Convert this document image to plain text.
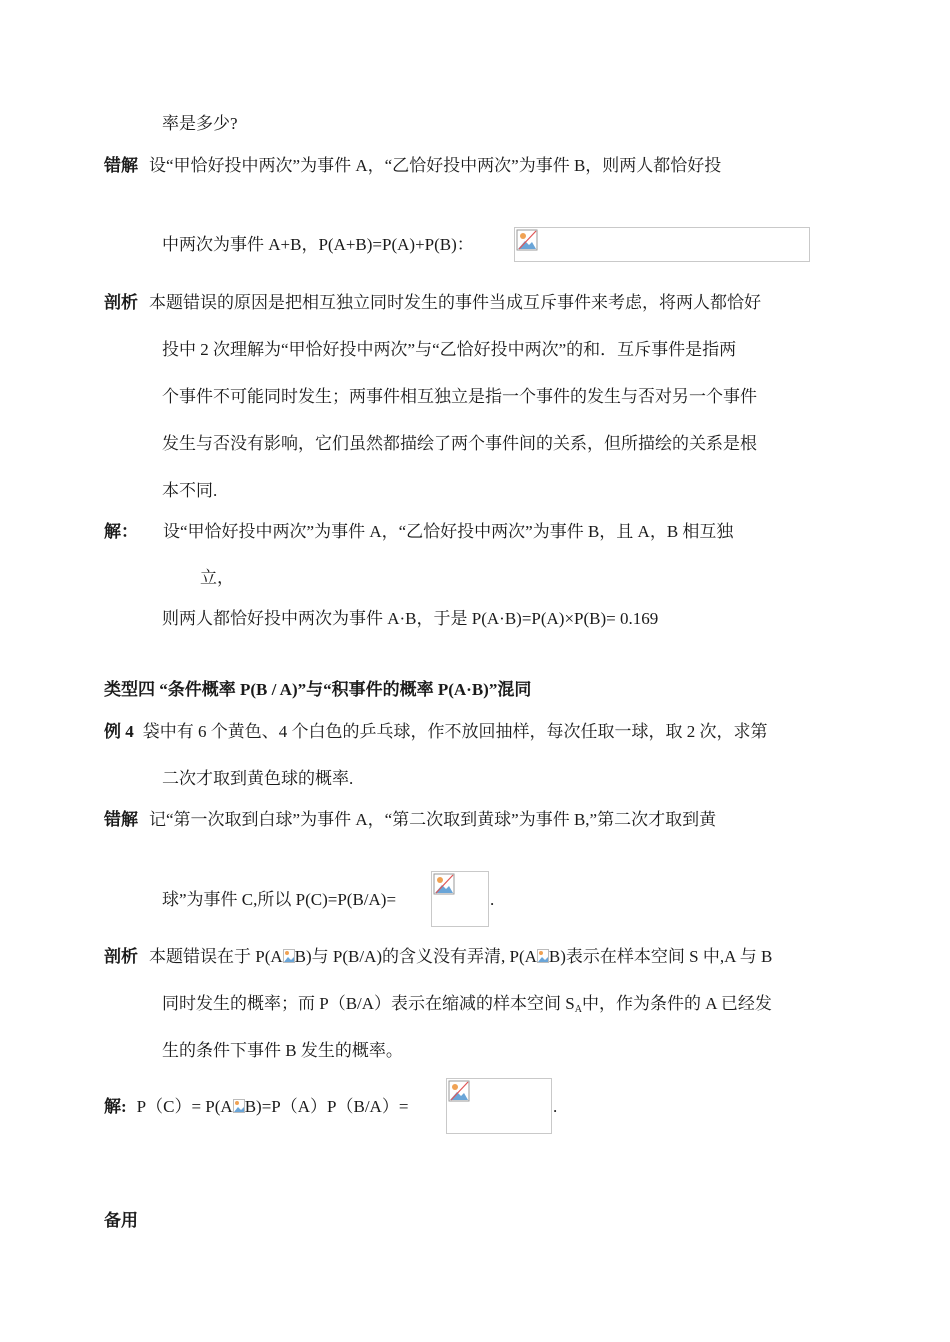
率是多少?
错解 设“甲恰好投中两次”为事件 A，“乙恰好投中两次”为事件 B，则两人都恰好投
中两次为事件 A+B，P(A+B)=P(A)+P(B)：
剖析 本题错误的原因是把相互独立同时发生的事件当成互斥事件来考虑，将两人都恰好
投中 2 次理解为“甲恰好投中两次”与“乙恰好投中两次”的和．互斥事件是指两
个事件不可能同时发生；两事件相互独立是指一个事件的发生与否对另一个事件
发生与否没有影响，它们虽然都描绘了两个事件间的关系，但所描绘的关系是根
本不同.
解： 设“甲恰好投中两次”为事件 A，“乙恰好投中两次”为事件 B，且 A，B 相互独
立，
则两人都恰好投中两次为事件 A·B，于是 P(A·B)=P(A)×P(B)= 0.169
类型四 “条件概率 P(B / A)”与“积事件的概率 P(A·B)”混同
例 4 袋中有 6 个黄色、4 个白色的乒乓球，作不放回抽样，每次任取一球，取 2 次，求第
二次才取到黄色球的概率.
错解 记“第一次取到白球”为事件 A，“第二次取到黄球”为事件 B,”第二次才取到黄
球”为事件 C,所以 P(C)=P(B/A)=	.
剖析 本题错误在于 P(A B)与 P(B/A)的含义没有弄清, P(A B)表示在样本空间 S 中,A 与 B
同时发生的概率；而 P（B/A）表示在缩减的样本空间 $S_A$中，作为条件的 A 已经发
生的条件下事件 B 发生的概率。
解: P（C）= P(A B)=P（A）P（B/A）=	.
备用
